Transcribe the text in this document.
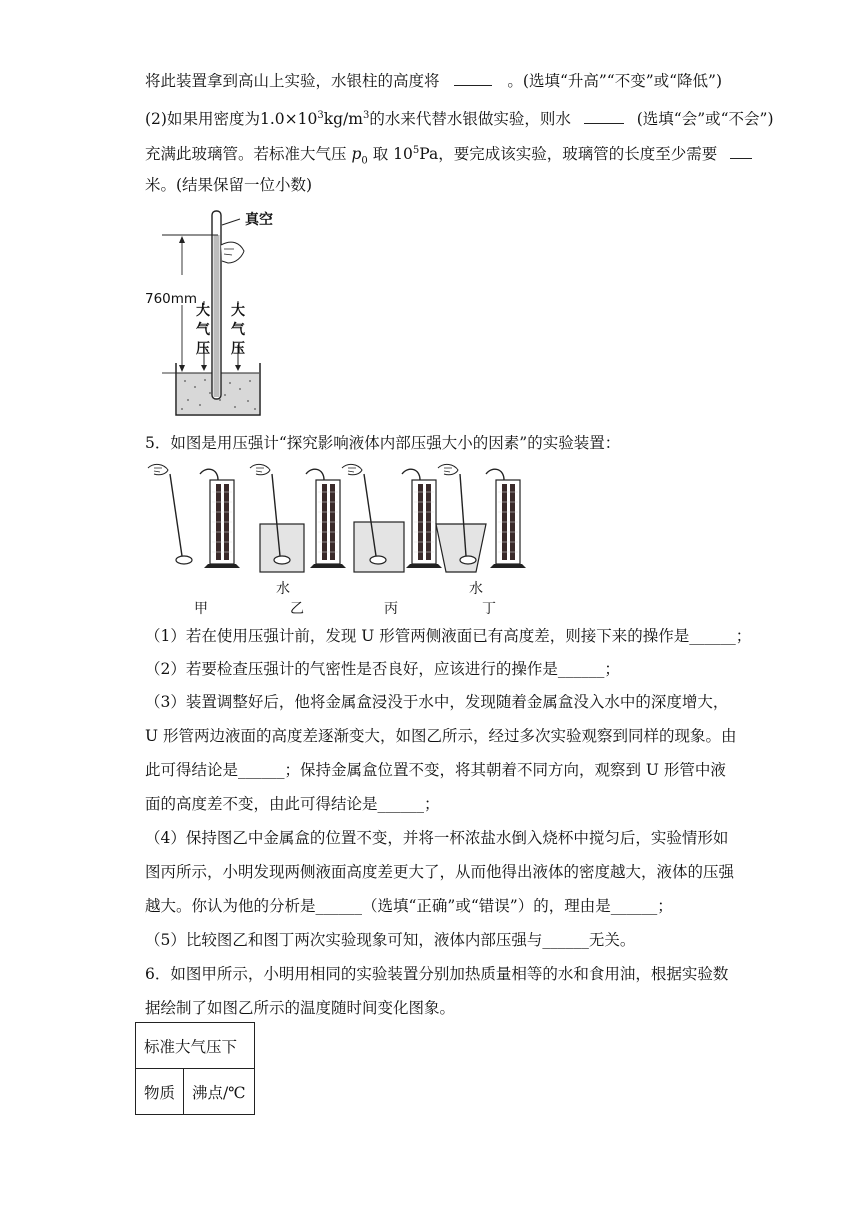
将此装置拿到高山上实验，水银柱的高度将	。(选填“升高”“不变”或“降低”)
(2)如果用密度为$1.0\times 10^3kg/m^3$的水来代替水银做实验，则水	(选填“会”或“不会”)
充满此玻璃管。若标准大气压 $p_0$ 取 $10^5Pa$，要完成该实验，玻璃管的长度至少需要
米。(结果保留一位小数)
真空
760mm
大
气
压
大
气
压
5．如图是用压强计“探究影响液体内部压强大小的因素”的实验装置：
水	水
甲	乙	丙	丁
（1）若在使用压强计前，发现 U 形管两侧液面已有高度差，则接下来的操作是______；
（2）若要检查压强计的气密性是否良好，应该进行的操作是______；
（3）装置调整好后，他将金属盒浸没于水中，发现随着金属盒没入水中的深度增大，
U 形管两边液面的高度差逐渐变大，如图乙所示，经过多次实验观察到同样的现象。由
此可得结论是______；保持金属盒位置不变，将其朝着不同方向，观察到 U 形管中液
面的高度差不变，由此可得结论是______；
（4）保持图乙中金属盒的位置不变，并将一杯浓盐水倒入烧杯中搅匀后，实验情形如
图丙所示，小明发现两侧液面高度差更大了，从而他得出液体的密度越大，液体的压强
越大。你认为他的分析是______（选填“正确”或“错误”）的，理由是______；
（5）比较图乙和图丁两次实验现象可知，液体内部压强与______无关。
6．如图甲所示，小明用相同的实验装置分别加热质量相等的水和食用油，根据实验数
据绘制了如图乙所示的温度随时间变化图象。
标准大气压下
物质	沸点/℃
